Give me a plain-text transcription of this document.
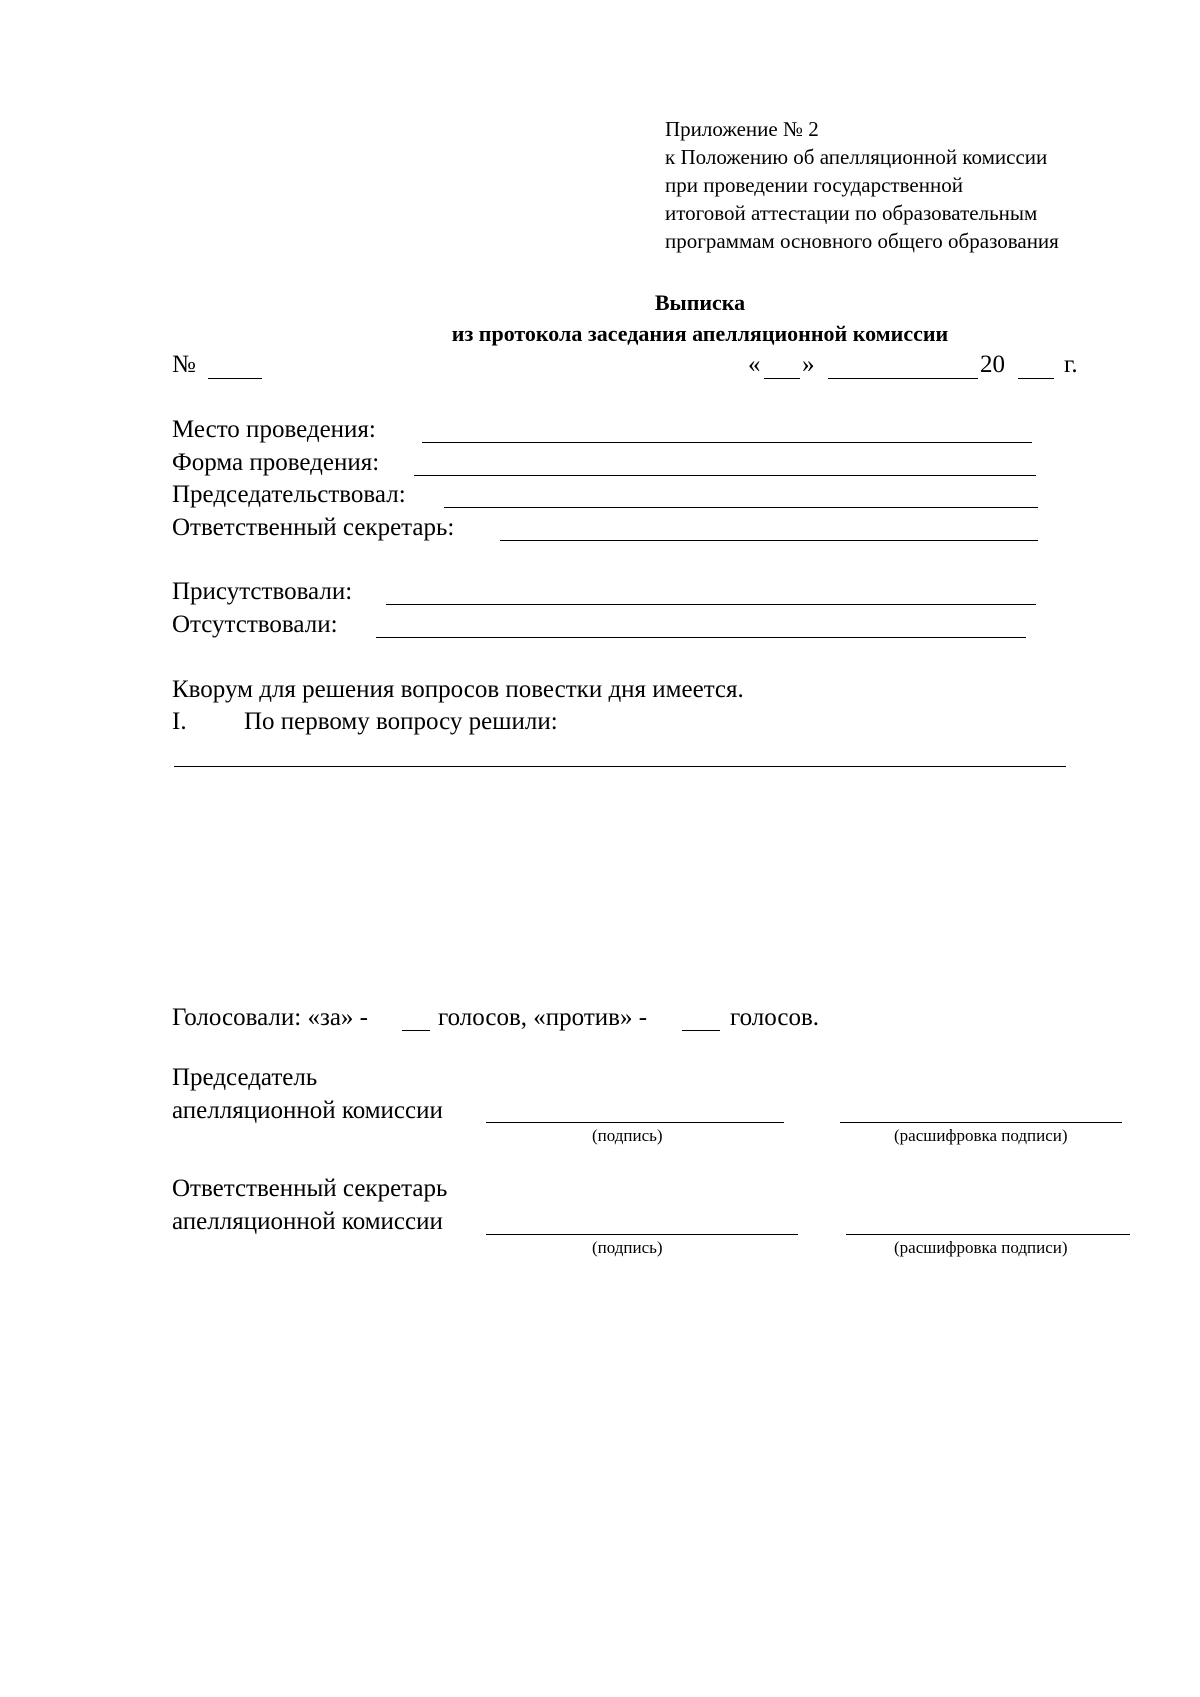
Приложение № 2
к Положению об апелляционной комиссии
при проведении государственной
итоговой аттестации по образовательным
программам основного общего образования
Выписка
из протокола заседания апелляционной комиссии
№	« »	20 г.
Место проведения:
Форма проведения:
Председательствовал:
Ответственный секретарь:
Присутствовали:
Отсутствовали:
Кворум для решения вопросов повестки дня имеется.
I. По первому вопросу решили:
Голосовали: «за» -	голосов, «против» -	голосов.
Председатель
апелляционной комиссии
(подпись)	(расшифровка подписи)
Ответственный секретарь
апелляционной комиссии
(подпись)	(расшифровка подписи)
